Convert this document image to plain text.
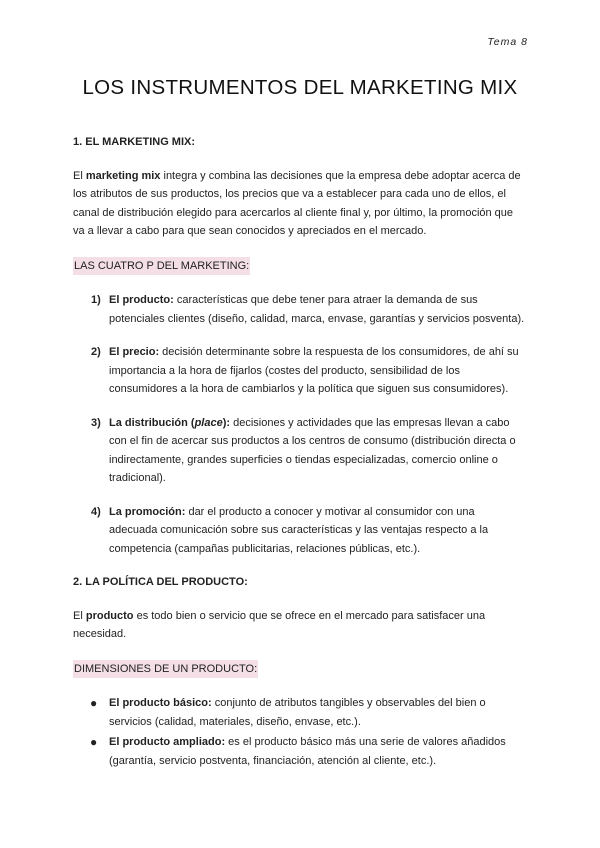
Tema 8
LOS INSTRUMENTOS DEL MARKETING MIX

1. EL MARKETING MIX:

El marketing mix integra y combina las decisiones que la empresa debe adoptar acerca de los atributos de sus productos, los precios que va a establecer para cada uno de ellos, el canal de distribución elegido para acercarlos al cliente final y, por último, la promoción que va a llevar a cabo para que sean conocidos y apreciados en el mercado.

LAS CUATRO P DEL MARKETING:
1) El producto: características que debe tener para atraer la demanda de sus potenciales clientes (diseño, calidad, marca, envase, garantías y servicios posventa).
2) El precio: decisión determinante sobre la respuesta de los consumidores, de ahí su importancia a la hora de fijarlos (costes del producto, sensibilidad de los consumidores a la hora de cambiarlos y la política que siguen sus consumidores).
3) La distribución (place): decisiones y actividades que las empresas llevan a cabo con el fin de acercar sus productos a los centros de consumo (distribución directa o indirectamente, grandes superficies o tiendas especializadas, comercio online o tradicional).
4) La promoción: dar el producto a conocer y motivar al consumidor con una adecuada comunicación sobre sus características y las ventajas respecto a la competencia (campañas publicitarias, relaciones públicas, etc.).

2. LA POLÍTICA DEL PRODUCTO:

El producto es todo bien o servicio que se ofrece en el mercado para satisfacer una necesidad.

DIMENSIONES DE UN PRODUCTO:
● El producto básico: conjunto de atributos tangibles y observables del bien o servicios (calidad, materiales, diseño, envase, etc.).
● El producto ampliado: es el producto básico más una serie de valores añadidos (garantía, servicio postventa, financiación, atención al cliente, etc.).
